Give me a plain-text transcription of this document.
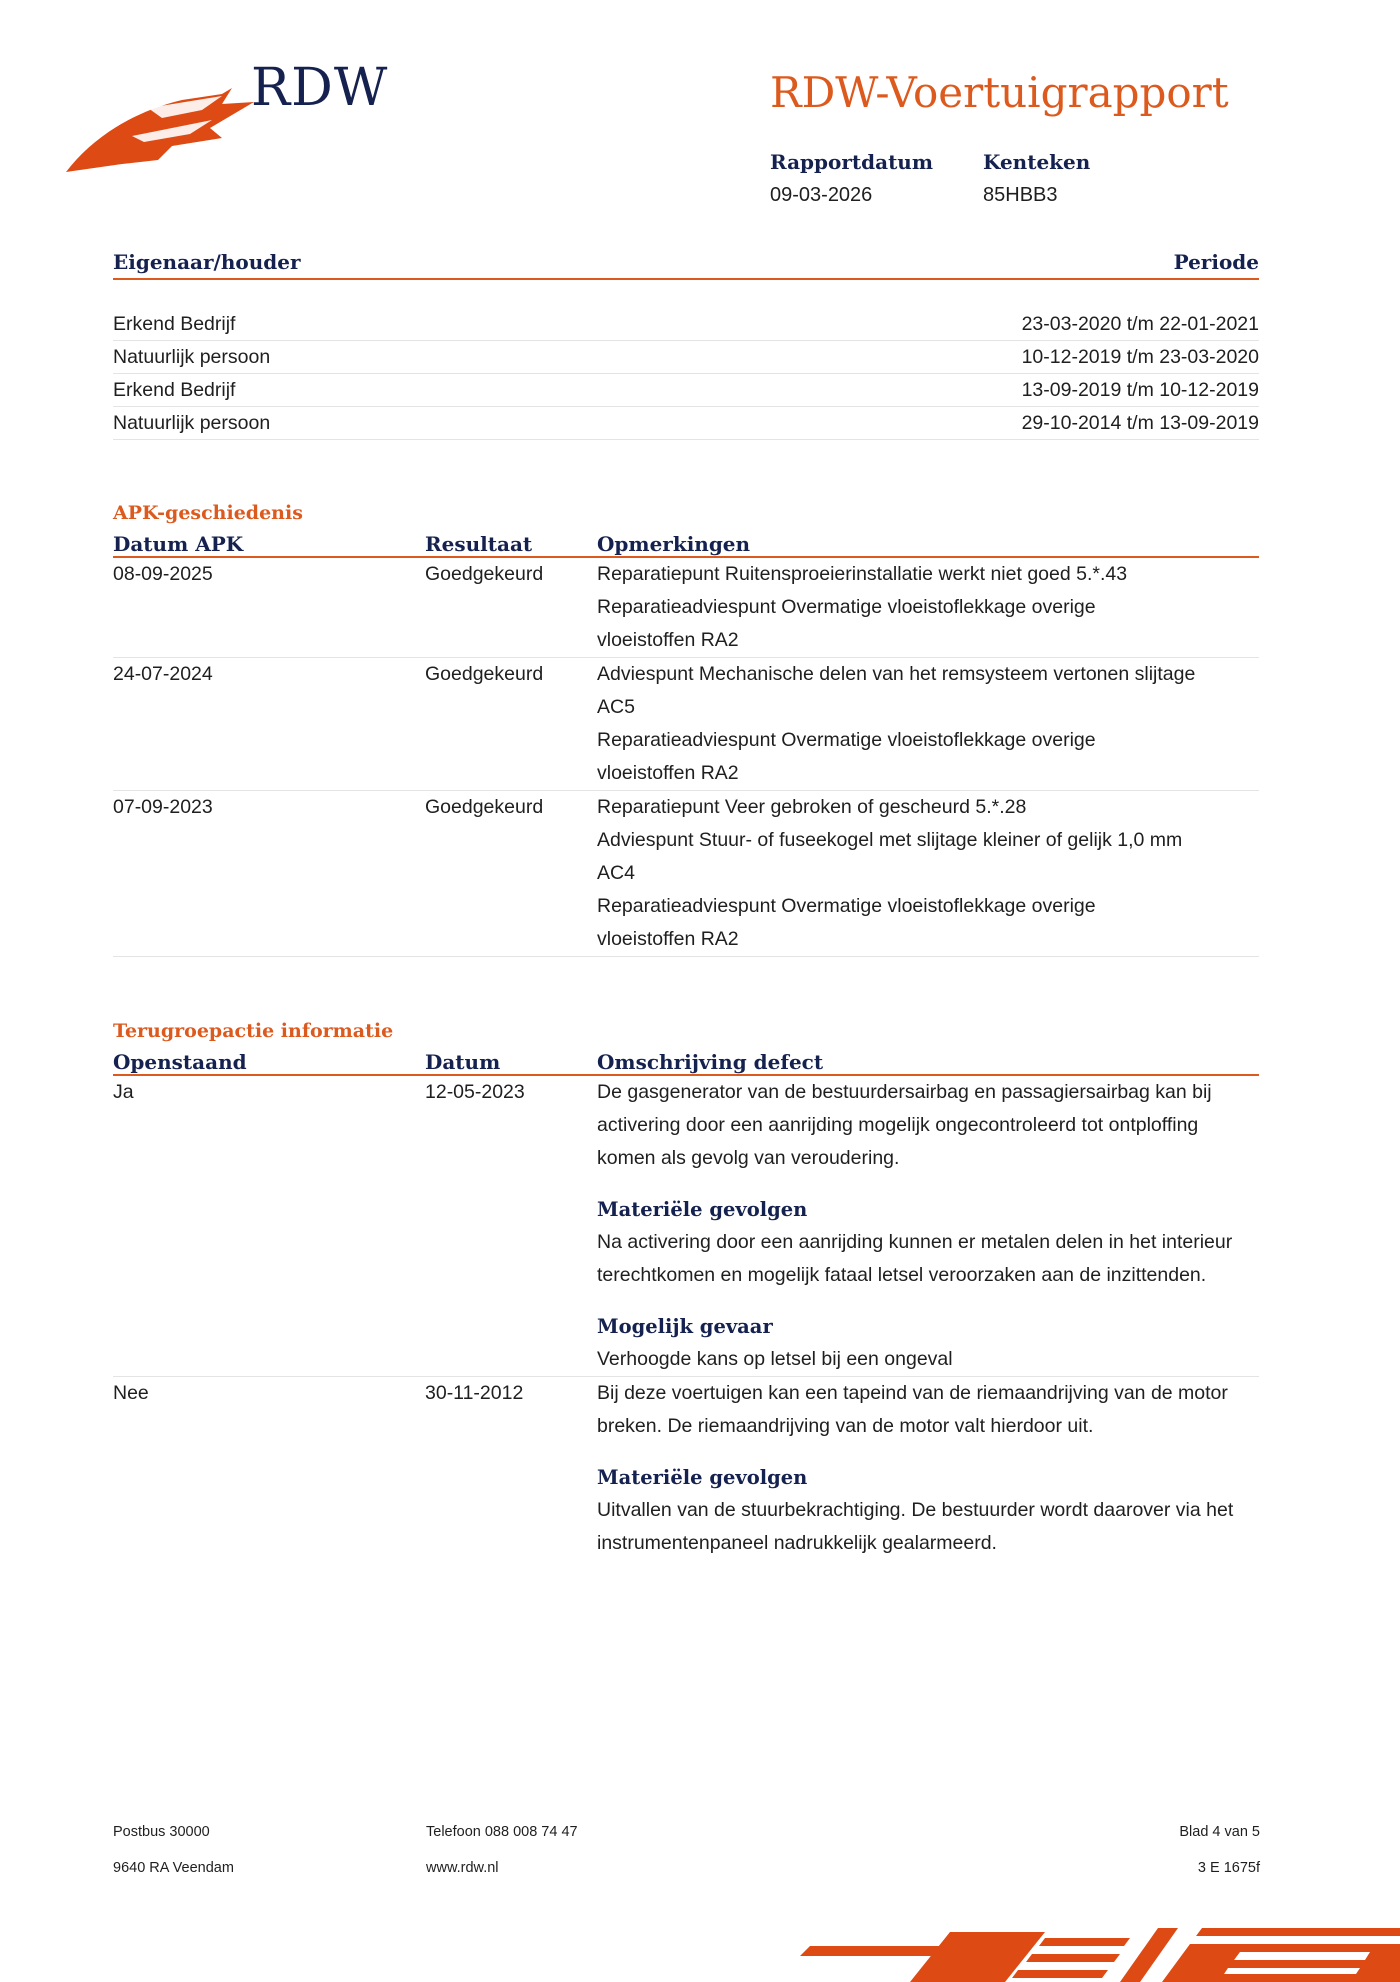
RDW	RDW-Voertuigrapport
Rapportdatum
09-03-2026
Kenteken
85HBB3
Eigenaar/houder	Periode
Erkend Bedrijf	23-03-2020 t/m 22-01-2021
Natuurlijk persoon	10-12-2019 t/m 23-03-2020
Erkend Bedrijf	13-09-2019 t/m 10-12-2019
Natuurlijk persoon	29-10-2014 t/m 13-09-2019
APK-geschiedenis
Datum APK	Resultaat	Opmerkingen
08-09-2025	Goedgekeurd	Reparatiepunt Ruitensproeierinstallatie werkt niet goed 5.*.43
Reparatieadviespunt Overmatige vloeistoflekkage overige vloeistoffen RA2
24-07-2024	Goedgekeurd	Adviespunt Mechanische delen van het remsysteem vertonen slijtage AC5
Reparatieadviespunt Overmatige vloeistoflekkage overige vloeistoffen RA2
07-09-2023	Goedgekeurd	Reparatiepunt Veer gebroken of gescheurd 5.*.28
Adviespunt Stuur- of fuseekogel met slijtage kleiner of gelijk 1,0 mm AC4
Reparatieadviespunt Overmatige vloeistoflekkage overige vloeistoffen RA2
Terugroepactie informatie
Openstaand	Datum	Omschrijving defect
Ja	12-05-2023	De gasgenerator van de bestuurdersairbag en passagiersairbag kan bij activering door een aanrijding mogelijk ongecontroleerd tot ontploffing komen als gevolg van veroudering.
Materiële gevolgen
Na activering door een aanrijding kunnen er metalen delen in het interieur terechtkomen en mogelijk fataal letsel veroorzaken aan de inzittenden.
Mogelijk gevaar
Verhoogde kans op letsel bij een ongeval
Nee	30-11-2012	Bij deze voertuigen kan een tapeind van de riemaandrijving van de motor breken. De riemaandrijving van de motor valt hierdoor uit.
Materiële gevolgen
Uitvallen van de stuurbekrachtiging. De bestuurder wordt daarover via het instrumentenpaneel nadrukkelijk gealarmeerd.
Postbus 30000
9640 RA Veendam
Telefoon 088 008 74 47
www.rdw.nl
Blad 4 van 5
3 E 1675f
